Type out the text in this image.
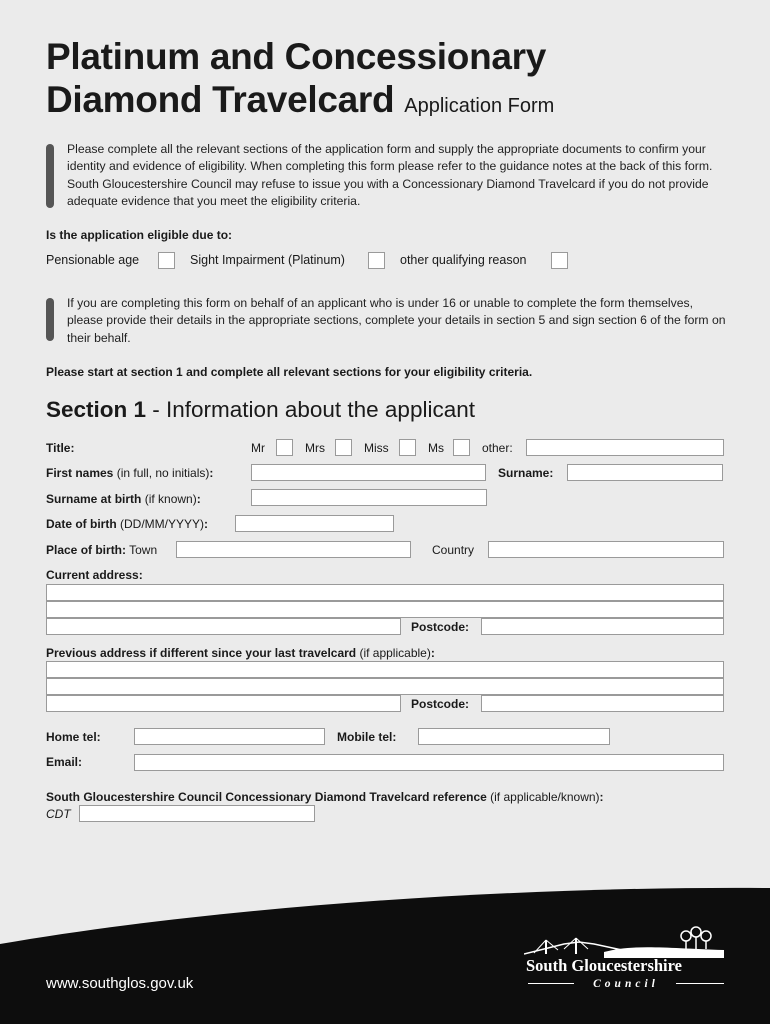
Platinum and Concessionary
Diamond Travelcard Application Form
Please complete all the relevant sections of the application form and supply the appropriate documents to confirm your identity and evidence of eligibility. When completing this form please refer to the guidance notes at the back of this form. South Gloucestershire Council may refuse to issue you with a Concessionary Diamond Travelcard if you do not provide adequate evidence that you meet the eligibility criteria.
Is the application eligible due to:
Pensionable age	Sight Impairment (Platinum)	other qualifying reason
If you are completing this form on behalf of an applicant who is under 16 or unable to complete the form themselves, please provide their details in the appropriate sections, complete your details in section 5 and sign section 6 of the form on their behalf.
Please start at section 1 and complete all relevant sections for your eligibility criteria.
Section 1 - Information about the applicant
Title:	Mr	Mrs	Miss	Ms	other:
First names (in full, no initials):	Surname:
Surname at birth (if known):
Date of birth (DD/MM/YYYY):
Place of birth: Town	Country
Current address:
Postcode:
Previous address if different since your last travelcard (if applicable):
Postcode:
Home tel:	Mobile tel:
Email:
South Gloucestershire Council Concessionary Diamond Travelcard reference (if applicable/known):
CDT
www.southglos.gov.uk
South Gloucestershire
Council
